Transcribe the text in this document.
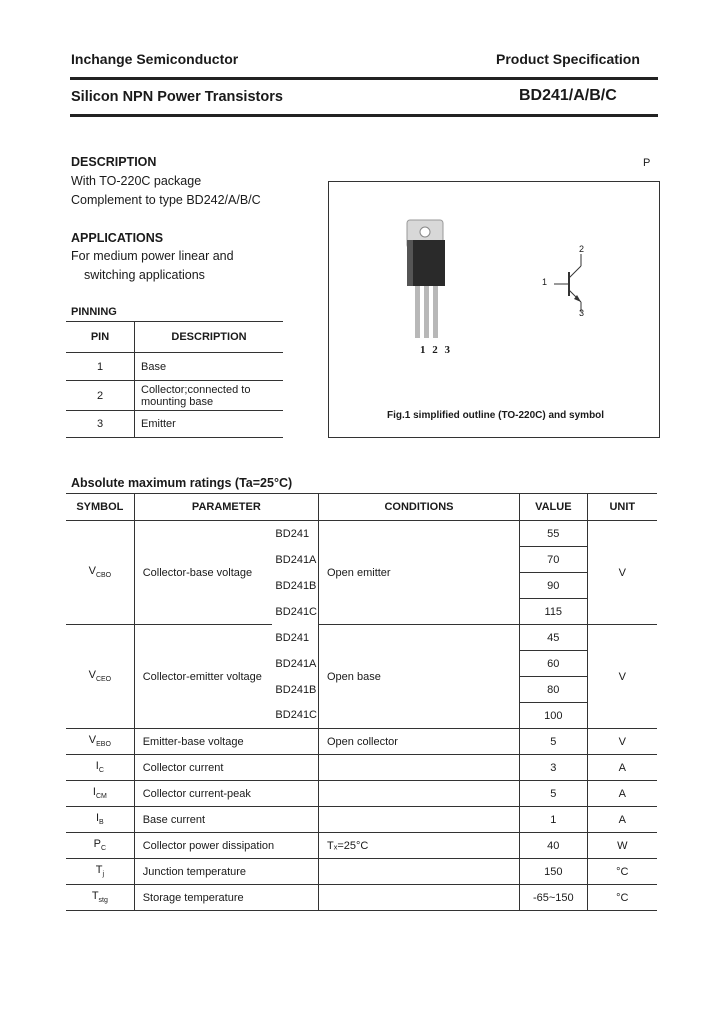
Inchange Semiconductor	Product Specification
Silicon NPN Power Transistors	BD241/A/B/C
DESCRIPTION
With TO-220C package
Complement to type BD242/A/B/C
P
APPLICATIONS
For medium power linear and
switching applications
PINNING
PIN	DESCRIPTION
1	Base
2	Collector;connected to mounting base
3	Emitter
1 2 3
1
2
3
Fig.1 simplified outline (TO-220C) and symbol
Absolute maximum ratings (Ta=25°C)
SYMBOL	PARAMETER		CONDITIONS	VALUE	UNIT
$V_{CBO}$	Collector-base voltage	BD241	Open emitter	55	V
		BD241A		70	
		BD241B		90	
		BD241C		115	
$V_{CEO}$	Collector-emitter voltage	BD241	Open base	45	V
		BD241A		60	
		BD241B		80	
		BD241C		100	
$V_{EBO}$	Emitter-base voltage		Open collector	5	V
$I_C$	Collector current			3	A
$I_{CM}$	Collector current-peak			5	A
$I_B$	Base current			1	A
$P_C$	Collector power dissipation		Tₓ=25°C	40	W
$T_j$	Junction temperature			150	°C
$T_{stg}$	Storage temperature			-65~150	°C
